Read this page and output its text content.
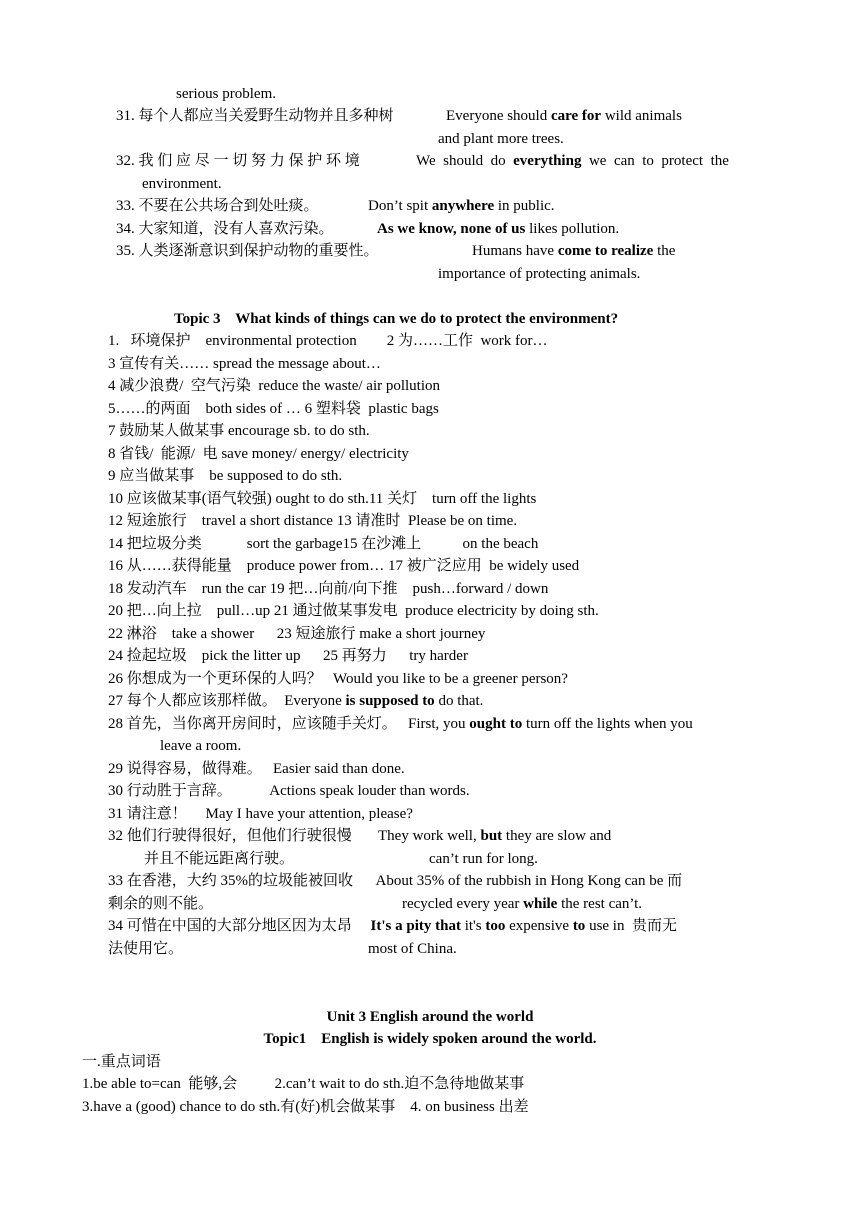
serious problem.
31. 每个人都应当关爱野生动物并且多种树	Everyone should care for wild animals
and plant more trees.
32. 我 们 应 尽 一 切 努 力 保 护 环 境	We  should  do  everything  we  can  to  protect  the
environment.
33. 不要在公共场合到处吐痰。	Don’t spit anywhere in public.
34. 大家知道，没有人喜欢污染。	As we know, none of us likes pollution.
35. 人类逐渐意识到保护动物的重要性。	Humans have come to realize the
importance of protecting animals.
Topic 3    What kinds of things can we do to protect the environment?
1.   环境保护    environmental protection        2 为……工作  work for…
3 宣传有关…… spread the message about…
4 减少浪费/  空气污染  reduce the waste/ air pollution
5……的两面    both sides of … 6 塑料袋  plastic bags
7 鼓励某人做某事 encourage sb. to do sth.
8 省钱/  能源/  电 save money/ energy/ electricity
9 应当做某事    be supposed to do sth.
10 应该做某事(语气较强) ought to do sth.11 关灯    turn off the lights
12 短途旅行    travel a short distance 13 请准时  Please be on time.
14 把垃圾分类            sort the garbage15 在沙滩上           on the beach
16 从……获得能量    produce power from… 17 被广泛应用  be widely used
18 发动汽车    run the car 19 把…向前/向下推    push…forward / down
20 把…向上拉    pull…up 21 通过做某事发电  produce electricity by doing sth.
22 淋浴    take a shower      23 短途旅行 make a short journey
24 捡起垃圾    pick the litter up      25 再努力      try harder
26 你想成为一个更环保的人吗？   Would you like to be a greener person?
27 每个人都应该那样做。  Everyone is supposed to do that.
28 首先，当你离开房间时，应该随手关灯。   First, you ought to turn off the lights when you
leave a room.
29 说得容易，做得难。   Easier said than done.
30 行动胜于言辞。          Actions speak louder than words.
31 请注意！     May I have your attention, please?
32 他们行驶得很好，但他们行驶很慢       They work well, but they are slow and
并且不能远距离行驶。	can’t run for long.
33 在香港，大约 35%的垃圾能被回收      About 35% of the rubbish in Hong Kong can be 而
剩余的则不能。	recycled every year while the rest can’t.
34 可惜在中国的大部分地区因为太昂     It's a pity that it's too expensive to use in  贵而无
法使用它。	most of China.
Unit 3 English around the world
Topic1    English is widely spoken around the world.
一.重点词语
1.be able to=can  能够,会          2.can’t wait to do sth.迫不急待地做某事
3.have a (good) chance to do sth.有(好)机会做某事    4. on business 出差
